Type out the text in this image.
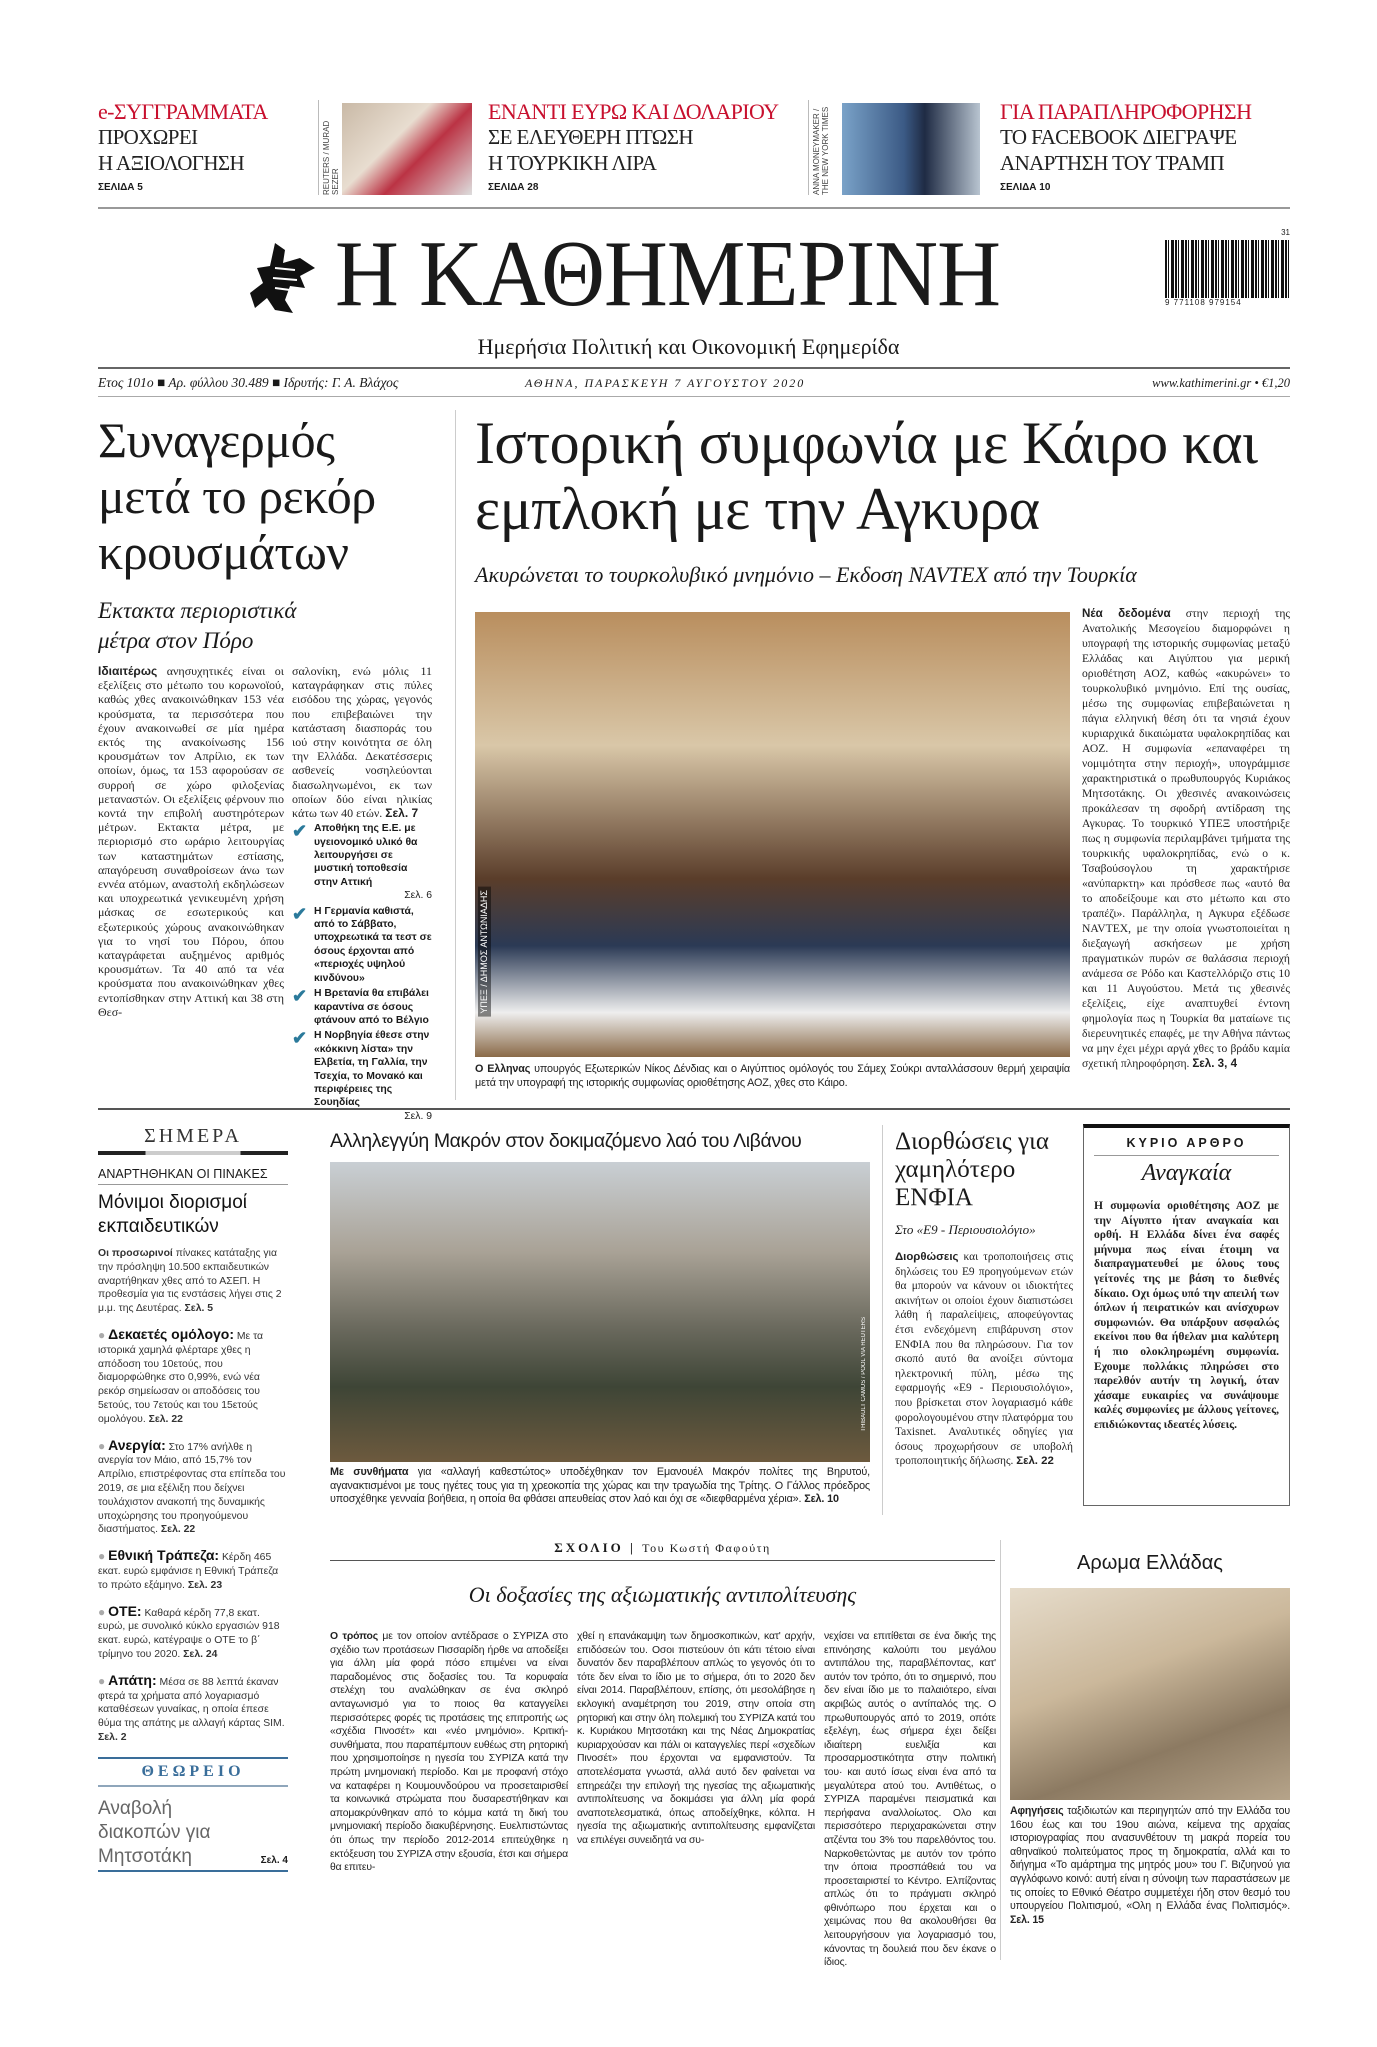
e-ΣΥΓΓΡΑΜΜΑΤΑ
ΠΡΟΧΩΡΕΙ
Η ΑΞΙΟΛΟΓΗΣΗ
ΣΕΛΙΔΑ 5	REUTERS / MURAD SEZER
ΕΝΑΝΤΙ ΕΥΡΩ ΚΑΙ ΔΟΛΑΡΙΟΥ
ΣΕ ΕΛΕΥΘΕΡΗ ΠΤΩΣΗ
Η ΤΟΥΡΚΙΚΗ ΛΙΡΑ
ΣΕΛΙΔΑ 28	ANNA MONEYMAKER / THE NEW YORK TIMES	ΓΙΑ ΠΑΡΑΠΛΗΡΟΦΟΡΗΣΗ
ΤΟ FACEBOOK ΔΙΕΓΡΑΨΕ
ΑΝΑΡΤΗΣΗ ΤΟΥ ΤΡΑΜΠ
ΣΕΛΙΔΑ 10
Η ΚΑΘΗΜΕΡΙΝΗ	9 771108 979154
31
Ημερήσια Πολιτική και Οικονομική Εφημερίδα
Ετος 101ο ■ Αρ. φύλλου 30.489 ■ Ιδρυτής: Γ. Α. Βλάχος	ΑΘΗΝΑ, ΠΑΡΑΣΚΕΥΗ 7 ΑΥΓΟΥΣΤΟΥ 2020	www.kathimerini.gr • €1,20
Συναγερμός μετά το ρεκόρ κρουσμάτων
Εκτακτα περιοριστικά μέτρα στον Πόρο
Ιδιαιτέρως ανησυχητικές είναι οι εξελίξεις στο μέτωπο του κορωνοϊού, καθώς χθες ανακοινώθηκαν 153 νέα κρούσματα, τα περισσότερα που έχουν ανακοινωθεί σε μία ημέρα εκτός της ανακοίνωσης 156 κρουσμάτων τον Απρίλιο, εκ των οποίων, όμως, τα 153 αφορούσαν σε συρροή σε χώρο φιλοξενίας μεταναστών. Οι εξελίξεις φέρνουν πιο κοντά την επιβολή αυστηρότερων μέτρων. Εκτακτα μέτρα, με περιορισμό στο ωράριο λειτουργίας των καταστημάτων εστίασης, απαγόρευση συναθροίσεων άνω των εννέα ατόμων, αναστολή εκδηλώσεων και υποχρεωτικά γενικευμένη χρήση μάσκας σε εσωτερικούς και εξωτερικούς χώρους ανακοινώθηκαν για το νησί του Πόρου, όπου καταγράφεται αυξημένος αριθμός κρουσμάτων. Τα 40 από τα νέα κρούσματα που ανακοινώθηκαν χθες εντοπίσθηκαν στην Αττική και 38 στη Θεσ-
σαλονίκη, ενώ μόλις 11 καταγράφηκαν στις πύλες εισόδου της χώρας, γεγονός που επιβεβαιώνει την κατάσταση διασποράς του ιού στην κοινότητα σε όλη την Ελλάδα. Δεκατέσσερις ασθενείς νοσηλεύονται διασωληνωμένοι, εκ των οποίων δύο είναι ηλικίας κάτω των 40 ετών. Σελ. 7
✔ Αποθήκη της Ε.Ε. με υγειονομικό υλικό θα λειτουργήσει σε μυστική τοποθεσία στην Αττική
Σελ. 6
✔ Η Γερμανία καθιστά, από το Σάββατο, υποχρεωτικά τα τεστ σε όσους έρχονται από «περιοχές υψηλού κινδύνου»
✔ Η Βρετανία θα επιβάλει καραντίνα σε όσους φτάνουν από το Βέλγιο
✔ Η Νορβηγία έθεσε στην «κόκκινη λίστα» την Ελβετία, τη Γαλλία, την Τσεχία, το Μονακό και περιφέρειες της Σουηδίας
Σελ. 9
Ιστορική συμφωνία με Κάιρο και εμπλοκή με την Αγκυρα
Ακυρώνεται το τουρκολυβικό μνημόνιο – Εκδοση NAVTEX από την Τουρκία
ΥΠΕΞ / ΔΗΜΟΣ ΑΝΤΩΝΙΑΔΗΣ
Ο Ελληνας υπουργός Εξωτερικών Νίκος Δένδιας και ο Αιγύπτιος ομόλογός του Σάμεχ Σούκρι ανταλλάσσουν θερμή χειραψία μετά την υπογραφή της ιστορικής συμφωνίας οριοθέτησης ΑΟΖ, χθες στο Κάιρο.
Νέα δεδομένα στην περιοχή της Ανατολικής Μεσογείου διαμορφώνει η υπογραφή της ιστορικής συμφωνίας μεταξύ Ελλάδας και Αιγύπτου για μερική οριοθέτηση ΑΟΖ, καθώς «ακυρώνει» το τουρκολυβικό μνημόνιο. Επί της ουσίας, μέσω της συμφωνίας επιβεβαιώνεται η πάγια ελληνική θέση ότι τα νησιά έχουν κυριαρχικά δικαιώματα υφαλοκρηπίδας και ΑΟΖ. Η συμφωνία «επαναφέρει τη νομιμότητα στην περιοχή», υπογράμμισε χαρακτηριστικά ο πρωθυπουργός Κυριάκος Μητσοτάκης. Οι χθεσινές ανακοινώσεις προκάλεσαν τη σφοδρή αντίδραση της Αγκυρας. Το τουρκικό ΥΠΕΞ υποστήριξε πως η συμφωνία περιλαμβάνει τμήματα της τουρκικής υφαλοκρηπίδας, ενώ ο κ. Τσαβούσογλου τη χαρακτήρισε «ανύπαρκτη» και πρόσθεσε πως «αυτό θα το αποδείξουμε και στο μέτωπο και στο τραπέζι». Παράλληλα, η Αγκυρα εξέδωσε NAVTEX, με την οποία γνωστοποιείται η διεξαγωγή ασκήσεων με χρήση πραγματικών πυρών σε θαλάσσια περιοχή ανάμεσα σε Ρόδο και Καστελλόριζο στις 10 και 11 Αυγούστου. Μετά τις χθεσινές εξελίξεις, είχε αναπτυχθεί έντονη φημολογία πως η Τουρκία θα ματαίωνε τις διερευνητικές επαφές, με την Αθήνα πάντως να μην έχει μέχρι αργά χθες το βράδυ καμία σχετική πληροφόρηση. Σελ. 3, 4
ΣΗΜΕΡΑ
ΑΝΑΡΤΗΘΗΚΑΝ ΟΙ ΠΙΝΑΚΕΣ
Μόνιμοι διορισμοί εκπαιδευτικών
Οι προσωρινοί πίνακες κατάταξης για την πρόσληψη 10.500 εκπαιδευτικών αναρτήθηκαν χθες από το ΑΣΕΠ. Η προθεσμία για τις ενστάσεις λήγει στις 2 μ.μ. της Δευτέρας. Σελ. 5
● Δεκαετές ομόλογο: Με τα ιστορικά χαμηλά φλέρταρε χθες η απόδοση του 10ετούς, που διαμορφώθηκε στο 0,99%, ενώ νέα ρεκόρ σημείωσαν οι αποδόσεις του 5ετούς, του 7ετούς και του 15ετούς ομολόγου. Σελ. 22
● Ανεργία: Στο 17% ανήλθε η ανεργία τον Μάιο, από 15,7% τον Απρίλιο, επιστρέφοντας στα επίπεδα του 2019, σε μια εξέλιξη που δείχνει τουλάχιστον ανακοπή της δυναμικής υποχώρησης του προηγούμενου διαστήματος. Σελ. 22
● Εθνική Τράπεζα: Κέρδη 465 εκατ. ευρώ εμφάνισε η Εθνική Τράπεζα το πρώτο εξάμηνο. Σελ. 23
● ΟΤΕ: Καθαρά κέρδη 77,8 εκατ. ευρώ, με συνολικό κύκλο εργασιών 918 εκατ. ευρώ, κατέγραψε ο ΟΤΕ το β΄ τρίμηνο του 2020. Σελ. 24
● Απάτη: Μέσα σε 88 λεπτά έκαναν φτερά τα χρήματα από λογαριασμό καταθέσεων γυναίκας, η οποία έπεσε θύμα της απάτης με αλλαγή κάρτας SIM. Σελ. 2
ΘΕΩΡΕΙΟ
Αναβολή διακοπών για Μητσοτάκη	Σελ. 4
Αλληλεγγύη Μακρόν στον δοκιμαζόμενο λαό του Λιβάνου
THIBAULT CAMUS / POOL VIA REUTERS
Με συνθήματα για «αλλαγή καθεστώτος» υποδέχθηκαν τον Εμανουέλ Μακρόν πολίτες της Βηρυτού, αγανακτισμένοι με τους ηγέτες τους για τη χρεοκοπία της χώρας και την τραγωδία της Τρίτης. Ο Γάλλος πρόεδρος υποσχέθηκε γενναία βοήθεια, η οποία θα φθάσει απευθείας στον λαό και όχι σε «διεφθαρμένα χέρια». Σελ. 10
Διορθώσεις για χαμηλότερο ΕΝΦΙΑ
Στο «Ε9 - Περιουσιολόγιο»
Διορθώσεις και τροποποιήσεις στις δηλώσεις του Ε9 προηγούμενων ετών θα μπορούν να κάνουν οι ιδιοκτήτες ακινήτων οι οποίοι έχουν διαπιστώσει λάθη ή παραλείψεις, αποφεύγοντας έτσι ενδεχόμενη επιβάρυνση στον ΕΝΦΙΑ που θα πληρώσουν. Για τον σκοπό αυτό θα ανοίξει σύντομα ηλεκτρονική πύλη, μέσω της εφαρμογής «Ε9 - Περιουσιολόγιο», που βρίσκεται στον λογαριασμό κάθε φορολογουμένου στην πλατφόρμα του Taxisnet. Αναλυτικές οδηγίες για όσους προχωρήσουν σε υποβολή τροποποιητικής δήλωσης. Σελ. 22
ΚΥΡΙΟ ΑΡΘΡΟ
Αναγκαία
Η συμφωνία οριοθέτησης ΑΟΖ με την Αίγυπτο ήταν αναγκαία και ορθή. Η Ελλάδα δίνει ένα σαφές μήνυμα πως είναι έτοιμη να διαπραγματευθεί με όλους τους γείτονές της με βάση το διεθνές δίκαιο. Οχι όμως υπό την απειλή των όπλων ή πειρατικών και ανίσχυρων συμφωνιών. Θα υπάρξουν ασφαλώς εκείνοι που θα ήθελαν μια καλύτερη ή πιο ολοκληρωμένη συμφωνία. Εχουμε πολλάκις πληρώσει στο παρελθόν αυτήν τη λογική, όταν χάσαμε ευκαιρίες να συνάψουμε καλές συμφωνίες με άλλους γείτονες, επιδιώκοντας ιδεατές λύσεις.
ΣΧΟΛΙΟ | Του Κωστή Φαφούτη
Οι δοξασίες της αξιωματικής αντιπολίτευσης
Ο τρόπος με τον οποίον αντέδρασε ο ΣΥΡΙΖΑ στο σχέδιο των προτάσεων Πισσαρίδη ήρθε να αποδείξει για άλλη μία φορά πόσο επιμένει να είναι παραδομένος στις δοξασίες του. Τα κορυφαία στελέχη του αναλώθηκαν σε ένα σκληρό ανταγωνισμό για το ποιος θα καταγγείλει περισσότερες φορές τις προτάσεις της επιτροπής ως «σχέδια Πινοσέτ» και «νέο μνημόνιο». Κριτική-συνθήματα, που παραπέμπουν ευθέως στη ρητορική που χρησιμοποίησε η ηγεσία του ΣΥΡΙΖΑ κατά την πρώτη μνημονιακή περίοδο. Και με προφανή στόχο να καταφέρει η Κουμουνδούρου να προσεταιρισθεί τα κοινωνικά στρώματα που δυσαρεστήθηκαν και απομακρύνθηκαν από το κόμμα κατά τη δική του μνημονιακή περίοδο διακυβέρνησης. Ευελπιστώντας ότι όπως την περίοδο 2012-2014 επιτεύχθηκε η εκτόξευση του ΣΥΡΙΖΑ στην εξουσία, έτσι και σήμερα θα επιτευ-
χθεί η επανάκαμψη των δημοσκοπικών, κατ' αρχήν, επιδόσεών του. Οσοι πιστεύουν ότι κάτι τέτοιο είναι δυνατόν δεν παραβλέπουν απλώς το γεγονός ότι το τότε δεν είναι το ίδιο με το σήμερα, ότι το 2020 δεν είναι 2014. Παραβλέπουν, επίσης, ότι μεσολάβησε η εκλογική αναμέτρηση του 2019, στην οποία στη ρητορική και στην όλη πολεμική του ΣΥΡΙΖΑ κατά του κ. Κυριάκου Μητσοτάκη και της Νέας Δημοκρατίας κυριαρχούσαν και πάλι οι καταγγελίες περί «σχεδίων Πινοσέτ» που έρχονται να εμφανιστούν. Τα αποτελέσματα γνωστά, αλλά αυτό δεν φαίνεται να επηρεάζει την επιλογή της ηγεσίας της αξιωματικής αντιπολίτευσης να δοκιμάσει για άλλη μία φορά αναποτελεσματικά, όπως αποδείχθηκε, κόλπα. Η ηγεσία της αξιωματικής αντιπολίτευσης εμφανίζεται να επιλέγει συνειδητά να συ-
νεχίσει να επιτίθεται σε ένα δικής της επινόησης καλούπι του μεγάλου αντιπάλου της, παραβλέποντας, κατ' αυτόν τον τρόπο, ότι το σημερινό, που δεν είναι ίδιο με το παλαιότερο, είναι ακριβώς αυτός ο αντίπαλός της. Ο πρωθυπουργός από το 2019, οπότε εξελέγη, έως σήμερα έχει δείξει ιδιαίτερη ευελιξία και προσαρμοστικότητα στην πολιτική του· και αυτό ίσως είναι ένα από τα μεγαλύτερα ατού του. Αντιθέτως, ο ΣΥΡΙΖΑ παραμένει πεισματικά και περήφανα αναλλοίωτος. Ολο και περισσότερο περιχαρακώνεται στην ατζέντα του 3% του παρελθόντος του. Ναρκοθετώντας με αυτόν τον τρόπο την όποια προσπάθειά του να προσεταιριστεί το Κέντρο. Ελπίζοντας απλώς ότι το πράγματι σκληρό φθινόπωρο που έρχεται και ο χειμώνας που θα ακολουθήσει θα λειτουργήσουν για λογαριασμό του, κάνοντας τη δουλειά που δεν έκανε ο ίδιος.
Αρωμα Ελλάδας
Αφηγήσεις ταξιδιωτών και περιηγητών από την Ελλάδα του 16ου έως και του 19ου αιώνα, κείμενα της αρχαίας ιστοριογραφίας που ανασυνθέτουν τη μακρά πορεία του αθηναϊκού πολιτεύματος προς τη δημοκρατία, αλλά και το διήγημα «Το αμάρτημα της μητρός μου» του Γ. Βιζυηνού για αγγλόφωνο κοινό: αυτή είναι η σύνοψη των παραστάσεων με τις οποίες το Εθνικό Θέατρο συμμετέχει ήδη στον θεσμό του υπουργείου Πολιτισμού, «Ολη η Ελλάδα ένας Πολιτισμός». Σελ. 15
